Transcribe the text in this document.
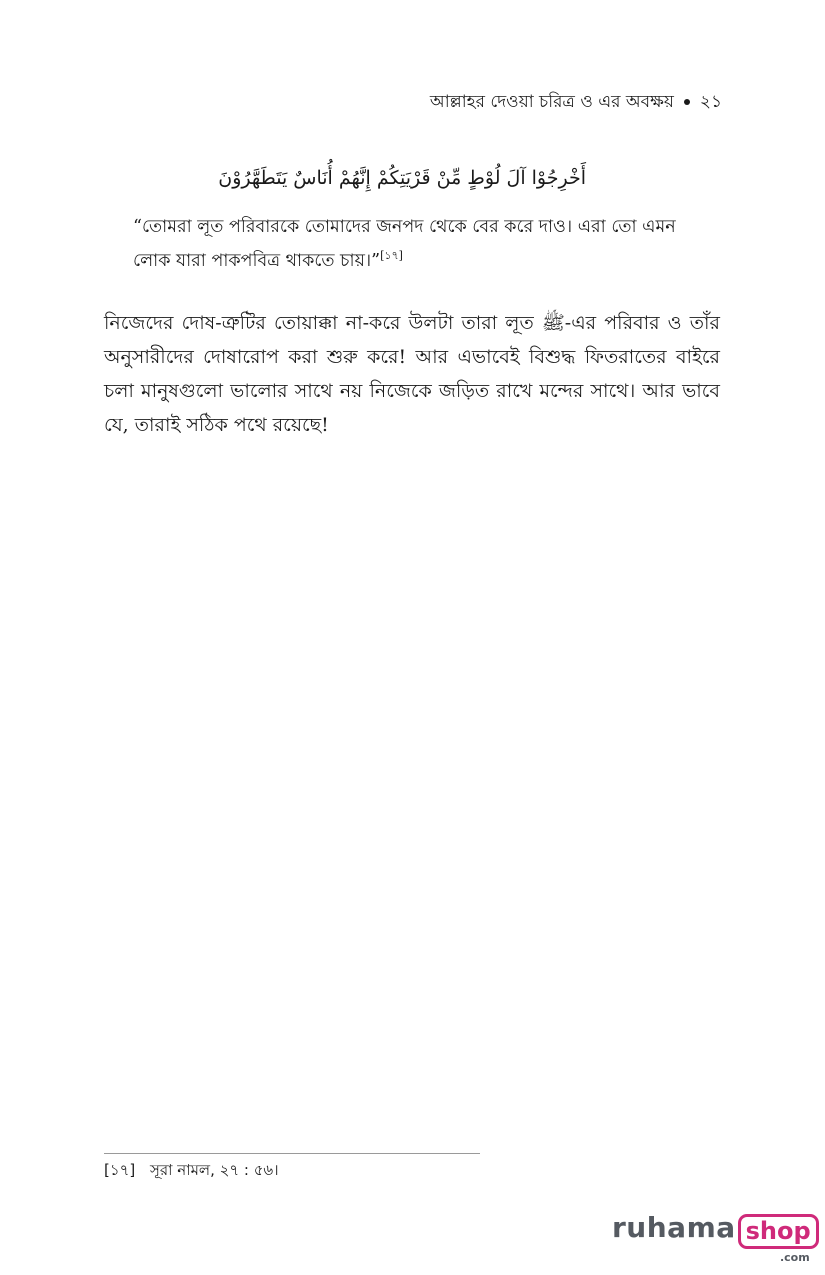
আল্লাহর দেওয়া চরিত্র ও এর অবক্ষয় ২১
أَخْرِجُوْا آلَ لُوْطٍ مِّنْ قَرْيَتِكُمْ إِنَّهُمْ أُنَاسٌ يَتَطَهَّرُوْنَ
“তোমরা লূত পরিবারকে তোমাদের জনপদ থেকে বের করে দাও। এরা তো এমন লোক যারা পাকপবিত্র থাকতে চায়।”[১৭]
নিজেদের দোষ-ত্রুটির তোয়াক্কা না-করে উলটা তারা লূত ﷺ-এর পরিবার ও তাঁর অনুসারীদের দোষারোপ করা শুরু করে! আর এভাবেই বিশুদ্ধ ফিতরাতের বাইরে চলা মানুষগুলো ভালোর সাথে নয় নিজেকে জড়িত রাখে মন্দের সাথে। আর ভাবে যে, তারাই সঠিক পথে রয়েছে!
[১৭] সূরা নামল, ২৭ : ৫৬।
ruhama shop
.com
